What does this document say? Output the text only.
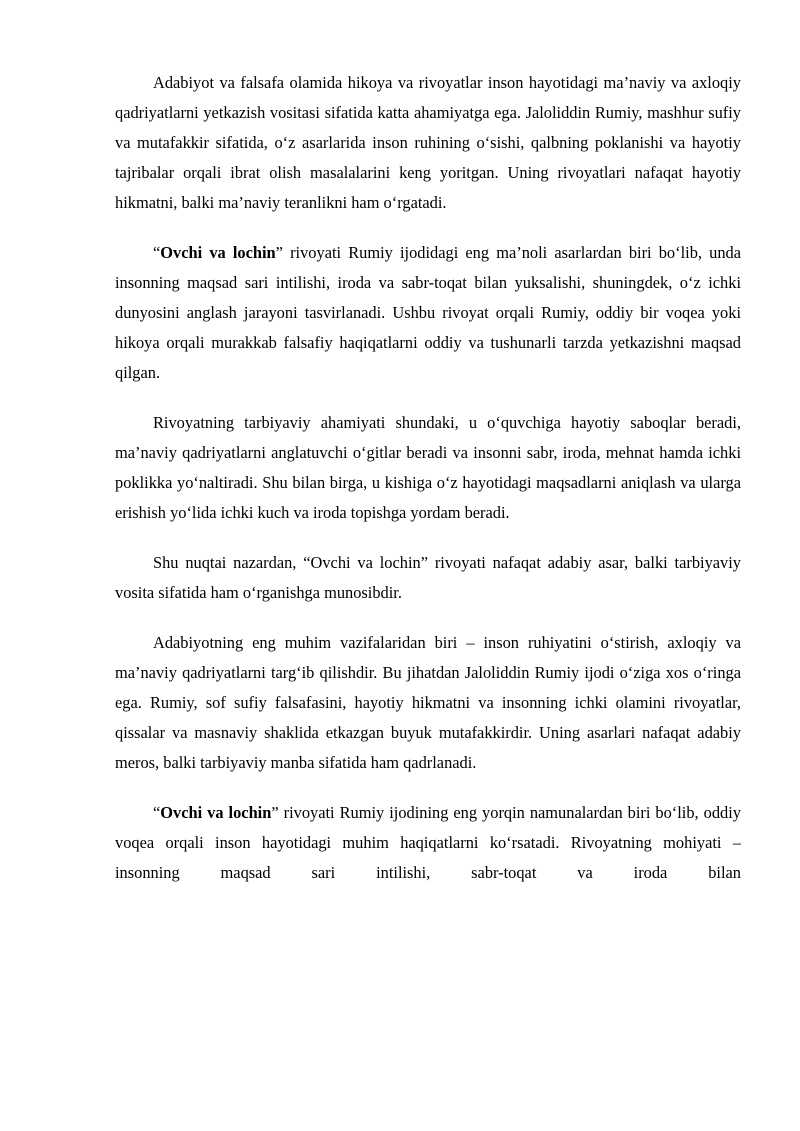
Adabiyot va falsafa olamida hikoya va rivoyatlar inson hayotidagi ma’naviy va axloqiy qadriyatlarni yetkazish vositasi sifatida katta ahamiyatga ega. Jaloliddin Rumiy, mashhur sufiy va mutafakkir sifatida, o‘z asarlarida inson ruhining o‘sishi, qalbning poklanishi va hayotiy tajribalar orqali ibrat olish masalalarini keng yoritgan. Uning rivoyatlari nafaqat hayotiy hikmatni, balki ma’naviy teranlikni ham o‘rgatadi.

“Ovchi va lochin” rivoyati Rumiy ijodidagi eng ma’noli asarlardan biri bo‘lib, unda insonning maqsad sari intilishi, iroda va sabr-toqat bilan yuksalishi, shuningdek, o‘z ichki dunyosini anglash jarayoni tasvirlanadi. Ushbu rivoyat orqali Rumiy, oddiy bir voqea yoki hikoya orqali murakkab falsafiy haqiqatlarni oddiy va tushunarli tarzda yetkazishni maqsad qilgan.

Rivoyatning tarbiyaviy ahamiyati shundaki, u o‘quvchiga hayotiy saboqlar beradi, ma’naviy qadriyatlarni anglatuvchi o‘gitlar beradi va insonni sabr, iroda, mehnat hamda ichki poklikka yo‘naltiradi. Shu bilan birga, u kishiga o‘z hayotidagi maqsadlarni aniqlash va ularga erishish yo‘lida ichki kuch va iroda topishga yordam beradi.

Shu nuqtai nazardan, “Ovchi va lochin” rivoyati nafaqat adabiy asar, balki tarbiyaviy vosita sifatida ham o‘rganishga munosibdir.

Adabiyotning eng muhim vazifalaridan biri – inson ruhiyatini o‘stirish, axloqiy va ma’naviy qadriyatlarni targ‘ib qilishdir. Bu jihatdan Jaloliddin Rumiy ijodi o‘ziga xos o‘ringa ega. Rumiy, sof sufiy falsafasini, hayotiy hikmatni va insonning ichki olamini rivoyatlar, qissalar va masnaviy shaklida etkazgan buyuk mutafakkirdir. Uning asarlari nafaqat adabiy meros, balki tarbiyaviy manba sifatida ham qadrlanadi.

“Ovchi va lochin” rivoyati Rumiy ijodining eng yorqin namunalardan biri bo‘lib, oddiy voqea orqali inson hayotidagi muhim haqiqatlarni ko‘rsatadi. Rivoyatning mohiyati – insonning maqsad sari intilishi, sabr-toqat va iroda bilan
